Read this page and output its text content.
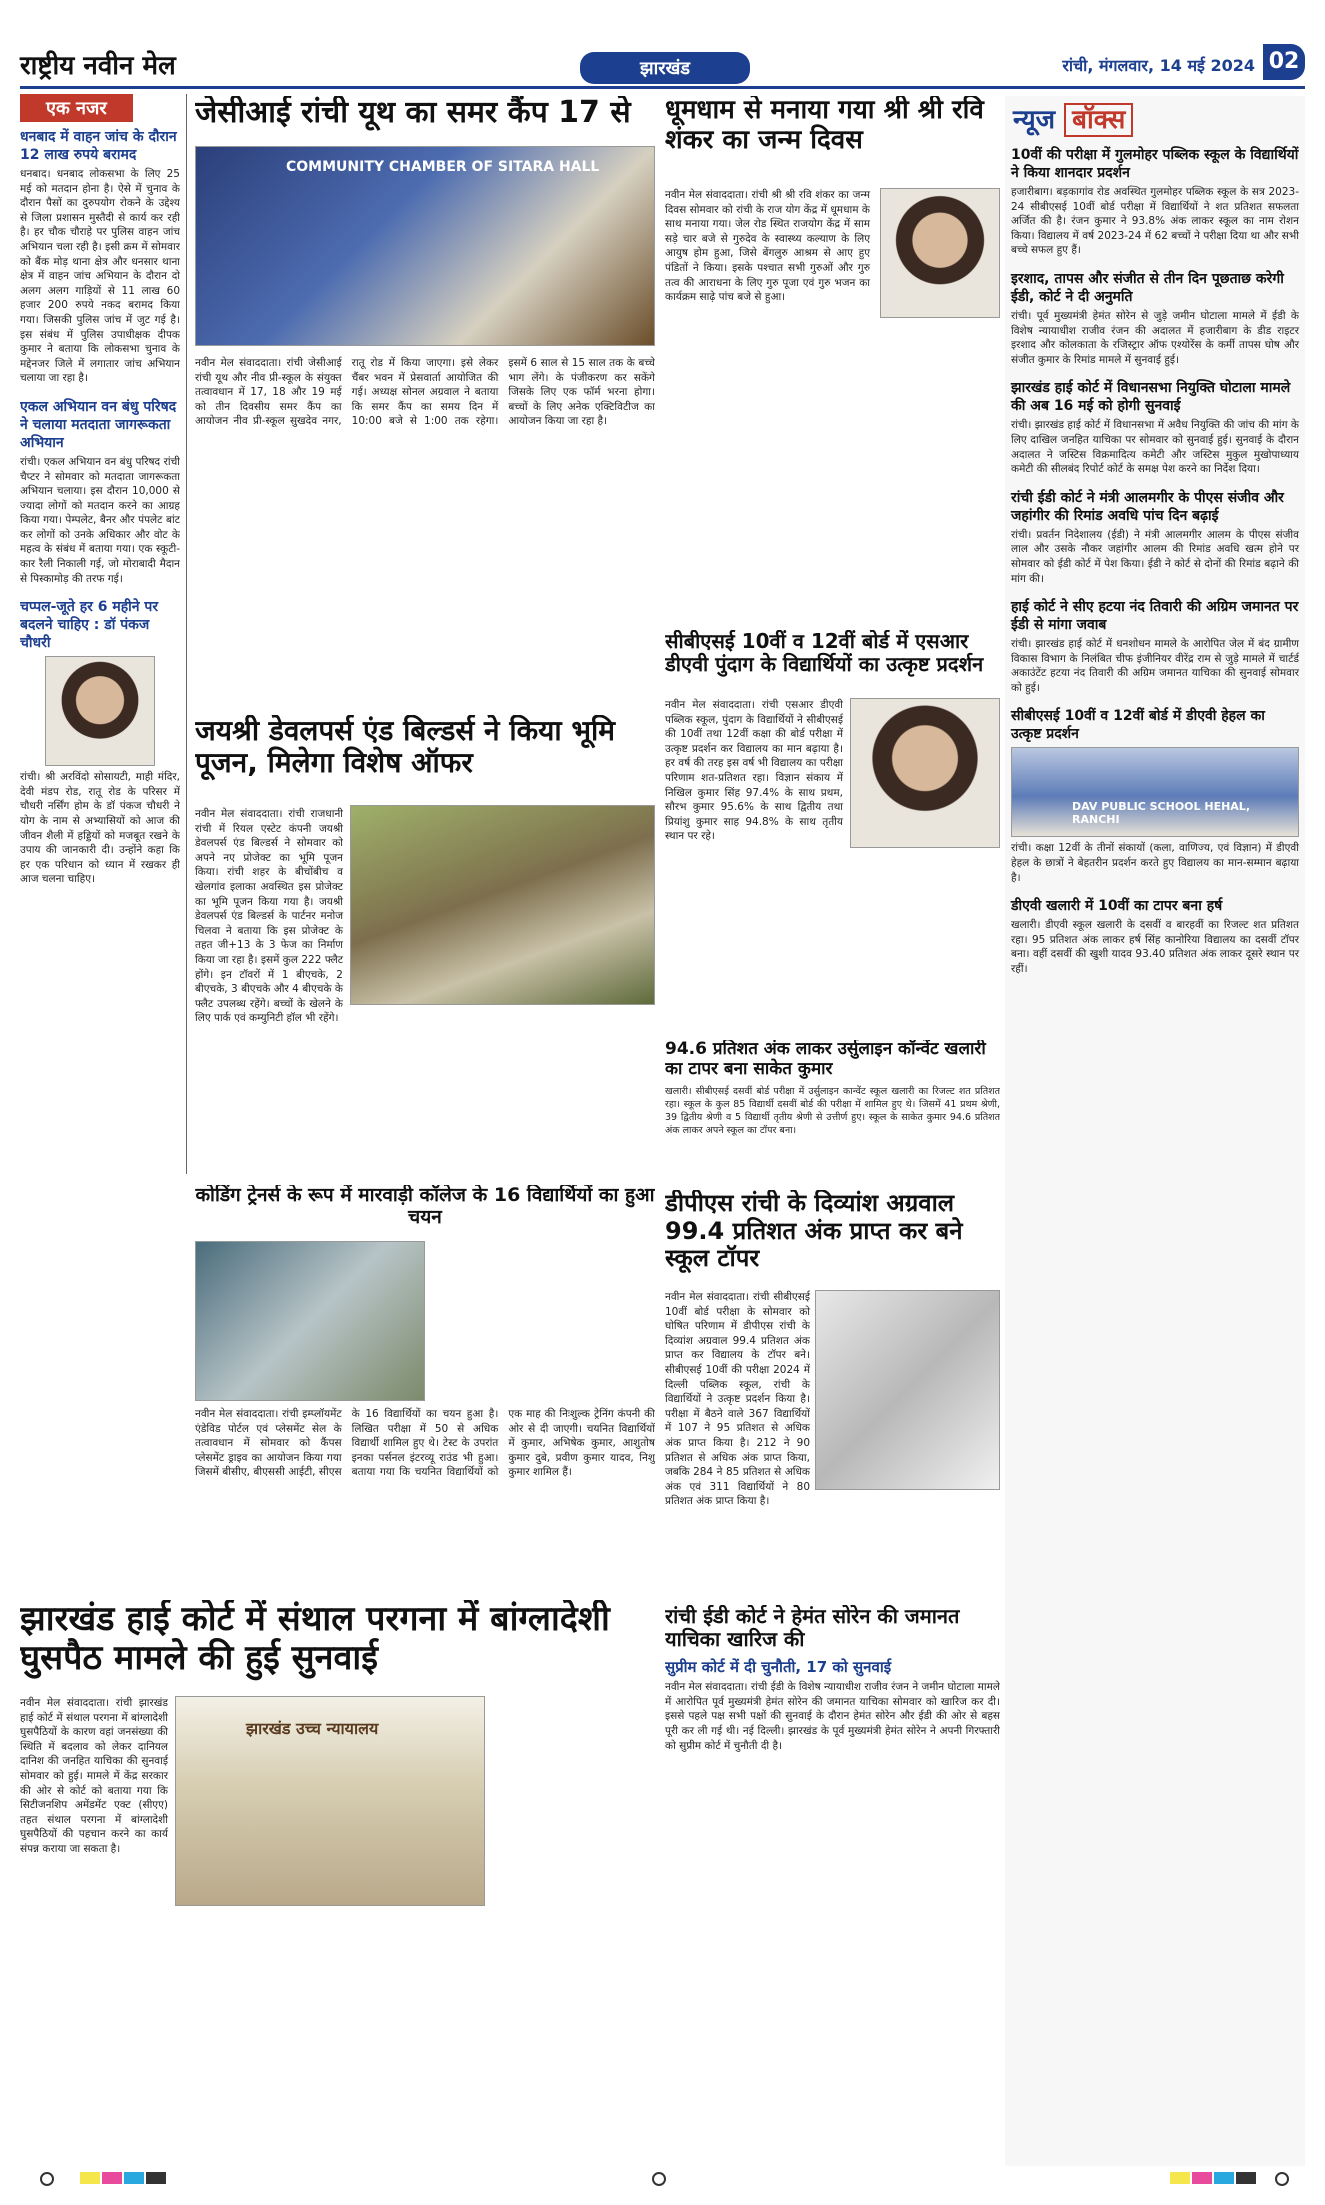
राष्ट्रीय नवीन मेल	झारखंड	रांची, मंगलवार, 14 मई 2024 02
एक नजर
धनबाद में वाहन जांच के दौरान 12 लाख रुपये बरामद
धनबाद। धनबाद लोकसभा के लिए 25 मई को मतदान होना है। ऐसे में चुनाव के दौरान पैसों का दुरुपयोग रोकने के उद्देश्य से जिला प्रशासन मुस्तैदी से कार्य कर रही है। हर चौक चौराहे पर पुलिस वाहन जांच अभियान चला रही है। इसी क्रम में सोमवार को बैंक मोड़ थाना क्षेत्र और धनसार थाना क्षेत्र में वाहन जांच अभियान के दौरान दो अलग अलग गाड़ियों से 11 लाख 60 हजार 200 रुपये नकद बरामद किया गया। जिसकी पुलिस जांच में जुट गई है। इस संबंध में पुलिस उपाधीक्षक दीपक कुमार ने बताया कि लोकसभा चुनाव के मद्देनजर जिले में लगातार जांच अभियान चलाया जा रहा है।
एकल अभियान वन बंधु परिषद ने चलाया मतदाता जागरूकता अभियान
रांची। एकल अभियान वन बंधु परिषद रांची चैप्टर ने सोमवार को मतदाता जागरूकता अभियान चलाया। इस दौरान 10,000 से ज्यादा लोगों को मतदान करने का आग्रह किया गया। पेम्पलेट, बैनर और पंपलेट बांट कर लोगों को उनके अधिकार और वोट के महत्व के संबंध में बताया गया। एक स्कूटी-कार रैली निकाली गई, जो मोराबादी मैदान से पिस्कामोड़ की तरफ गई।
चप्पल-जूते हर 6 महीने पर बदलने चाहिए : डॉ पंकज चौधरी
रांची। श्री अरविंदो सोसायटी, माही मंदिर, देवी मंडप रोड, रातू रोड के परिसर में चौधरी नर्सिंग होम के डॉ पंकज चौधरी ने योग के नाम से अभ्यासियों को आज की जीवन शैली में हड्डियों को मजबूत रखने के उपाय की जानकारी दी। उन्होंने कहा कि हर एक परिधान को ध्यान में रखकर ही आज चलना चाहिए।
जेसीआई रांची यूथ का समर कैंप 17 से
COMMUNITY CHAMBER OF SITARA HALL
नवीन मेल संवाददाता। रांची जेसीआई रांची यूथ और नीव प्री-स्कूल के संयुक्त तत्वावधान में 17, 18 और 19 मई को तीन दिवसीय समर कैंप का आयोजन नीव प्री-स्कूल सुखदेव नगर, रातू रोड में किया जाएगा। इसे लेकर चैंबर भवन में प्रेसवार्ता आयोजित की गई। अध्यक्ष सोनल अग्रवाल ने बताया कि समर कैंप का समय दिन में 10:00 बजे से 1:00 तक रहेगा। इसमें 6 साल से 15 साल तक के बच्चे भाग लेंगे। के पंजीकरण कर सकेंगे जिसके लिए एक फॉर्म भरना होगा। बच्चों के लिए अनेक एक्टिविटीज का आयोजन किया जा रहा है।
धूमधाम से मनाया गया श्री श्री रवि शंकर का जन्म दिवस
नवीन मेल संवाददाता। रांची श्री श्री रवि शंकर का जन्म दिवस सोमवार को रांची के राज योग केंद्र में धूमधाम के साथ मनाया गया। जेल रोड स्थित राजयोग केंद्र में साम सड़े चार बजे से गुरुदेव के स्वास्थ्य कल्याण के लिए आयुष होम हुआ, जिसे बेंगलुरु आश्रम से आए हुए पंडितों ने किया। इसके पश्चात सभी गुरुओं और गुरु तत्व की आराधना के लिए गुरु पूजा एवं गुरु भजन का कार्यक्रम साढ़े पांच बजे से हुआ।
जयश्री डेवलपर्स एंड बिल्डर्स ने किया भूमि पूजन, मिलेगा विशेष ऑफर
नवीन मेल संवाददाता। रांची राजधानी रांची में रियल एस्टेट कंपनी जयश्री डेवलपर्स एंड बिल्डर्स ने सोमवार को अपने नए प्रोजेक्ट का भूमि पूजन किया। रांची शहर के बीचोंबीच व खेलगांव इलाका अवस्थित इस प्रोजेक्ट का भूमि पूजन किया गया है। जयश्री डेवलपर्स एंड बिल्डर्स के पार्टनर मनोज चिलवा ने बताया कि इस प्रोजेक्ट के तहत जी+13 के 3 फेज का निर्माण किया जा रहा है। इसमें कुल 222 फ्लैट होंगे। इन टॉवरों में 1 बीएचके, 2 बीएचके, 3 बीएचके और 4 बीएचके के फ्लैट उपलब्ध रहेंगे। बच्चों के खेलने के लिए पार्क एवं कम्युनिटी हॉल भी रहेंगे।
सीबीएसई 10वीं व 12वीं बोर्ड में एसआर डीएवी पुंदाग के विद्यार्थियों का उत्कृष्ट प्रदर्शन
नवीन मेल संवाददाता। रांची एसआर डीएवी पब्लिक स्कूल, पुंदाग के विद्यार्थियों ने सीबीएसई की 10वीं तथा 12वीं कक्षा की बोर्ड परीक्षा में उत्कृष्ट प्रदर्शन कर विद्यालय का मान बढ़ाया है। हर वर्ष की तरह इस वर्ष भी विद्यालय का परीक्षा परिणाम शत-प्रतिशत रहा। विज्ञान संकाय में निखिल कुमार सिंह 97.4% के साथ प्रथम, सौरभ कुमार 95.6% के साथ द्वितीय तथा प्रियांशु कुमार साह 94.8% के साथ तृतीय स्थान पर रहे।
94.6 प्रतिशत अंक लाकर उर्सुलाइन कॉन्वेंट खलारी का टापर बना साकेत कुमार
खलारी। सीबीएसई दसवीं बोर्ड परीक्षा में उर्सुलाइन कान्वेंट स्कूल खलारी का रिजल्ट शत प्रतिशत रहा। स्कूल के कुल 85 विद्यार्थी दसवीं बोर्ड की परीक्षा में शामिल हुए थे। जिसमें 41 प्रथम श्रेणी, 39 द्वितीय श्रेणी व 5 विद्यार्थी तृतीय श्रेणी से उत्तीर्ण हुए। स्कूल के साकेत कुमार 94.6 प्रतिशत अंक लाकर अपने स्कूल का टॉपर बना।
कोडिंग ट्रेनर्स के रूप में मारवाड़ी कॉलेज के 16 विद्यार्थियों का हुआ चयन
नवीन मेल संवाददाता। रांची इम्प्लॉयमेंट एंडेविड पोर्टल एवं प्लेसमेंट सेल के तत्वावधान में सोमवार को कैंपस प्लेसमेंट ड्राइव का आयोजन किया गया जिसमें बीसीए, बीएससी आईटी, सीएस के 16 विद्यार्थियों का चयन हुआ है। लिखित परीक्षा में 50 से अधिक विद्यार्थी शामिल हुए थे। टेस्ट के उपरांत इनका पर्सनल इंटरव्यू राउंड भी हुआ। बताया गया कि चयनित विद्यार्थियों को एक माह की निःशुल्क ट्रेनिंग कंपनी की ओर से दी जाएगी। चयनित विद्यार्थियों में कुमार, अभिषेक कुमार, आशुतोष कुमार दुबे, प्रवीण कुमार यादव, निशु कुमार शामिल हैं।
डीपीएस रांची के दिव्यांश अग्रवाल 99.4 प्रतिशत अंक प्राप्त कर बने स्कूल टॉपर
नवीन मेल संवाददाता। रांची सीबीएसई 10वीं बोर्ड परीक्षा के सोमवार को घोषित परिणाम में डीपीएस रांची के दिव्यांश अग्रवाल 99.4 प्रतिशत अंक प्राप्त कर विद्यालय के टॉपर बने। सीबीएसई 10वीं की परीक्षा 2024 में दिल्ली पब्लिक स्कूल, रांची के विद्यार्थियों ने उत्कृष्ट प्रदर्शन किया है। परीक्षा में बैठने वाले 367 विद्यार्थियों में 107 ने 95 प्रतिशत से अधिक अंक प्राप्त किया है। 212 ने 90 प्रतिशत से अधिक अंक प्राप्त किया, जबकि 284 ने 85 प्रतिशत से अधिक अंक एवं 311 विद्यार्थियों ने 80 प्रतिशत अंक प्राप्त किया है।
झारखंड हाई कोर्ट में संथाल परगना में बांग्लादेशी घुसपैठ मामले की हुई सुनवाई
झारखंड उच्च न्यायालय
नवीन मेल संवाददाता। रांची झारखंड हाई कोर्ट में संथाल परगना में बांग्लादेशी घुसपैठियों के कारण वहां जनसंख्या की स्थिति में बदलाव को लेकर दानियल दानिश की जनहित याचिका की सुनवाई सोमवार को हुई। मामले में केंद्र सरकार की ओर से कोर्ट को बताया गया कि सिटीजनशिप अमेंडमेंट एक्ट (सीएए) तहत संथाल परगना में बांग्लादेशी घुसपैठियों की पहचान करने का कार्य संपन्न कराया जा सकता है।
रांची ईडी कोर्ट ने हेमंत सोरेन की जमानत याचिका खारिज की
सुप्रीम कोर्ट में दी चुनौती, 17 को सुनवाई
नवीन मेल संवाददाता। रांची ईडी के विशेष न्यायाधीश राजीव रंजन ने जमीन घोटाला मामले में आरोपित पूर्व मुख्यमंत्री हेमंत सोरेन की जमानत याचिका सोमवार को खारिज कर दी। इससे पहले पक्ष सभी पक्षों की सुनवाई के दौरान हेमंत सोरेन और ईडी की ओर से बहस पूरी कर ली गई थी। नई दिल्ली। झारखंड के पूर्व मुख्यमंत्री हेमंत सोरेन ने अपनी गिरफ्तारी को सुप्रीम कोर्ट में चुनौती दी है।
न्यूज बॉक्स
10वीं की परीक्षा में गुलमोहर पब्लिक स्कूल के विद्यार्थियों ने किया शानदार प्रदर्शन
हजारीबाग। बड़कागांव रोड अवस्थित गुलमोहर पब्लिक स्कूल के सत्र 2023-24 सीबीएसई 10वीं बोर्ड परीक्षा में विद्यार्थियों ने शत प्रतिशत सफलता अर्जित की है। रंजन कुमार ने 93.8% अंक लाकर स्कूल का नाम रोशन किया। विद्यालय में वर्ष 2023-24 में 62 बच्चों ने परीक्षा दिया था और सभी बच्चे सफल हुए हैं।
इरशाद, तापस और संजीत से तीन दिन पूछताछ करेगी ईडी, कोर्ट ने दी अनुमति
रांची। पूर्व मुख्यमंत्री हेमंत सोरेन से जुड़े जमीन घोटाला मामले में ईडी के विशेष न्यायाधीश राजीव रंजन की अदालत में हजारीबाग के डीड राइटर इरशाद और कोलकाता के रजिस्ट्रार ऑफ एश्योरेंस के कर्मी तापस घोष और संजीत कुमार के रिमांड मामले में सुनवाई हुई।
झारखंड हाई कोर्ट में विधानसभा नियुक्ति घोटाला मामले की अब 16 मई को होगी सुनवाई
रांची। झारखंड हाई कोर्ट में विधानसभा में अवैध नियुक्ति की जांच की मांग के लिए दाखिल जनहित याचिका पर सोमवार को सुनवाई हुई। सुनवाई के दौरान अदालत ने जस्टिस विक्रमादित्य कमेटी और जस्टिस मुकुल मुखोपाध्याय कमेटी की सीलबंद रिपोर्ट कोर्ट के समक्ष पेश करने का निर्देश दिया।
रांची ईडी कोर्ट ने मंत्री आलमगीर के पीएस संजीव और जहांगीर की रिमांड अवधि पांच दिन बढ़ाई
रांची। प्रवर्तन निदेशालय (ईडी) ने मंत्री आलमगीर आलम के पीएस संजीव लाल और उसके नौकर जहांगीर आलम की रिमांड अवधि खत्म होने पर सोमवार को ईडी कोर्ट में पेश किया। ईडी ने कोर्ट से दोनों की रिमांड बढ़ाने की मांग की।
हाई कोर्ट ने सीए हटया नंद तिवारी की अग्रिम जमानत पर ईडी से मांगा जवाब
रांची। झारखंड हाई कोर्ट में धनशोधन मामले के आरोपित जेल में बंद ग्रामीण विकास विभाग के निलंबित चीफ इंजीनियर वीरेंद्र राम से जुड़े मामले में चार्टर्ड अकाउंटेंट हटया नंद तिवारी की अग्रिम जमानत याचिका की सुनवाई सोमवार को हुई।
सीबीएसई 10वीं व 12वीं बोर्ड में डीएवी हेहल का उत्कृष्ट प्रदर्शन
DAV PUBLIC SCHOOL HEHAL, RANCHI
रांची। कक्षा 12वीं के तीनों संकायों (कला, वाणिज्य, एवं विज्ञान) में डीएवी हेहल के छात्रों ने बेहतरीन प्रदर्शन करते हुए विद्यालय का मान-सम्मान बढ़ाया है।
डीएवी खलारी में 10वीं का टापर बना हर्ष
खलारी। डीएवी स्कूल खलारी के दसवीं व बारहवीं का रिजल्ट शत प्रतिशत रहा। 95 प्रतिशत अंक लाकर हर्ष सिंह कानोरिया विद्यालय का दसवीं टॉपर बना। वहीं दसवीं की खुशी यादव 93.40 प्रतिशत अंक लाकर दूसरे स्थान पर रहीं।
